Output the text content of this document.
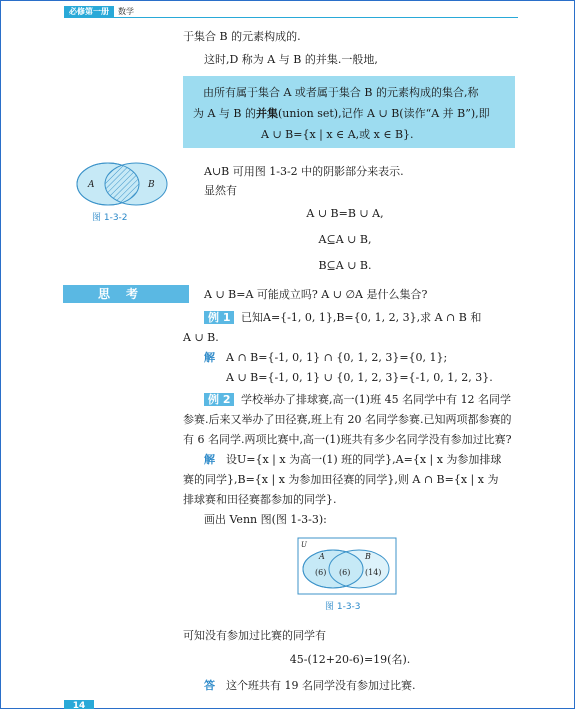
必修第一册	数学
于集合 B 的元素构成的.
这时,D 称为 A 与 B 的并集.一般地,
由所有属于集合 A 或者属于集合 B 的元素构成的集合,称
为 A 与 B 的并集(union set),记作 A ∪ B(读作“A 并 B”),即
A ∪ B={x | x ∈ A,或 x ∈ B}.
A	B
图 1-3-2
A∪B 可用图 1-3-2 中的阴影部分来表示.
显然有
A ∪ B=B ∪ A,
A⊆A ∪ B,
B⊆A ∪ B.
思考	A ∪ B=A 可能成立吗? A ∪ ∅A 是什么集合?
例 1 已知A={-1, 0, 1},B={0, 1, 2, 3},求 A ∩ B 和
A ∪ B.
解 A ∩ B={-1, 0, 1} ∩ {0, 1, 2, 3}={0, 1};
A ∪ B={-1, 0, 1} ∪ {0, 1, 2, 3}={-1, 0, 1, 2, 3}.
例 2 学校举办了排球赛,高一(1)班 45 名同学中有 12 名同学
参赛.后来又举办了田径赛,班上有 20 名同学参赛.已知两项都参赛的
有 6 名同学.两项比赛中,高一(1)班共有多少名同学没有参加过比赛?
解 设U={x | x 为高一(1) 班的同学},A={x | x 为参加排球
赛的同学},B={x | x 为参加田径赛的同学},则 A ∩ B={x | x 为
排球赛和田径赛都参加的同学}.
画出 Venn 图(图 1-3-3):
U
A	B
(6) (6) (14)
图 1-3-3
可知没有参加过比赛的同学有
45-(12+20-6)=19(名).
答 这个班共有 19 名同学没有参加过比赛.
14
